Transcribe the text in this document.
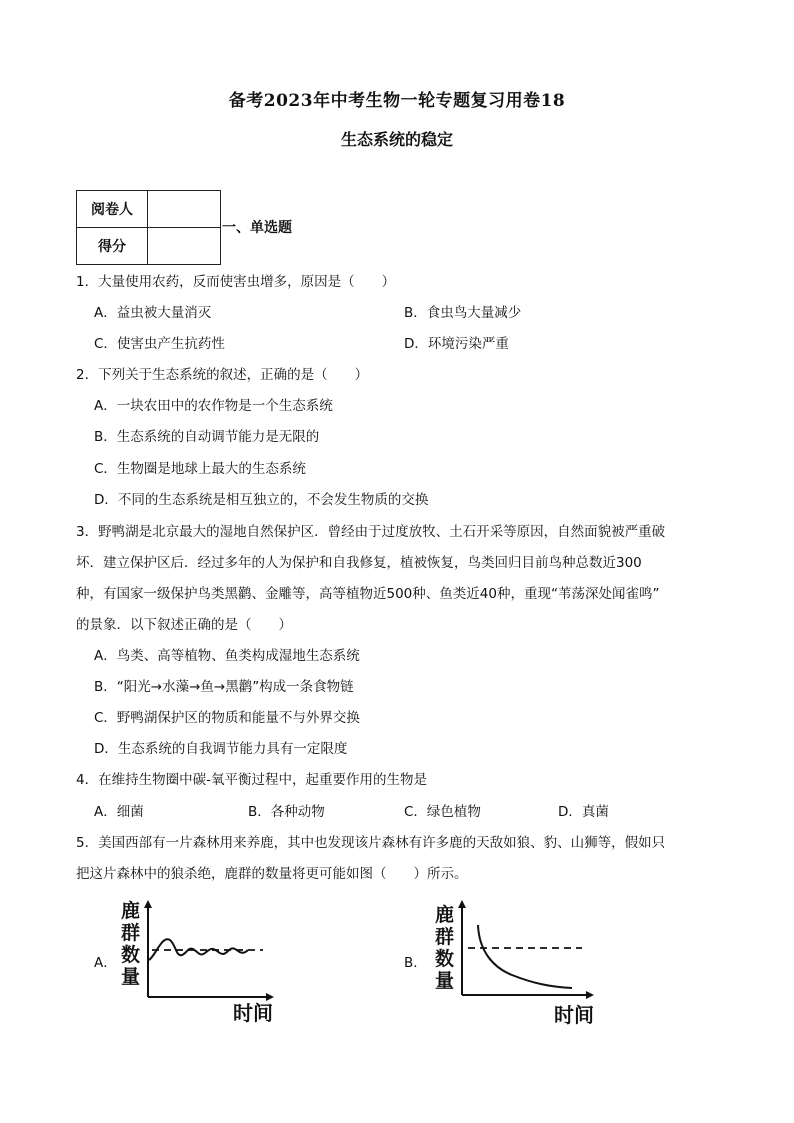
备考2023年中考生物一轮专题复习用卷18
生态系统的稳定
阅卷人	
得分	
一、单选题
1．大量使用农药，反而使害虫增多，原因是（　　）
A．益虫被大量消灭	B．食虫鸟大量减少
C．使害虫产生抗药性	D．环境污染严重
2．下列关于生态系统的叙述，正确的是（　　）
A．一块农田中的农作物是一个生态系统
B．生态系统的自动调节能力是无限的
C．生物圈是地球上最大的生态系统
D．不同的生态系统是相互独立的，不会发生物质的交换
3．野鸭湖是北京最大的湿地自然保护区．曾经由于过度放牧、土石开采等原因，自然面貌被严重破
坏．建立保护区后．经过多年的人为保护和自我修复，植被恢复，鸟类回归目前鸟种总数近300
种，有国家一级保护鸟类黑鹳、金雕等，高等植物近500种、鱼类近40种，重现“苇荡深处闻雀鸣”
的景象．以下叙述正确的是（　　）
A．鸟类、高等植物、鱼类构成湿地生态系统
B．“阳光→水藻→鱼→黑鹳”构成一条食物链
C．野鸭湖保护区的物质和能量不与外界交换
D．生态系统的自我调节能力具有一定限度
4．在维持生物圈中碳-氧平衡过程中，起重要作用的生物是
A．细菌	B．各种动物	C．绿色植物	D．真菌
5．美国西部有一片森林用来养鹿，其中也发现该片森林有许多鹿的天敌如狼、豹、山狮等，假如只
把这片森林中的狼杀绝，鹿群的数量将更可能如图（　　）所示。
A．	B．
鹿
群
数
量
时间
鹿
群
数
量
时间
